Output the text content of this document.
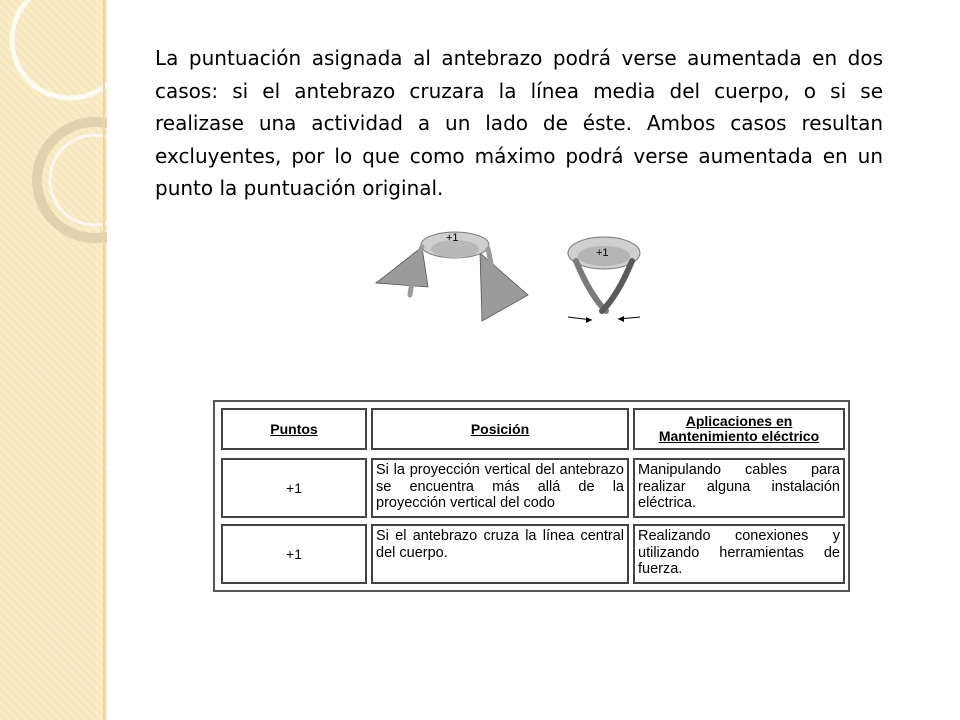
La puntuación asignada al antebrazo podrá verse aumentada en dos casos: si el antebrazo cruzara la línea media del cuerpo, o si se realizase una actividad a un lado de éste. Ambos casos resultan excluyentes, por lo que como máximo podrá verse aumentada en un punto la puntuación original.

+1
+1
Puntos	Posición	Aplicaciones en Mantenimiento eléctrico
+1
Si la proyección vertical del antebrazo se encuentra más allá de la proyección vertical del codo
Manipulando cables para realizar alguna instalación eléctrica.
+1
Si el antebrazo cruza la línea central del cuerpo.
Realizando conexiones y utilizando herramientas de fuerza.
